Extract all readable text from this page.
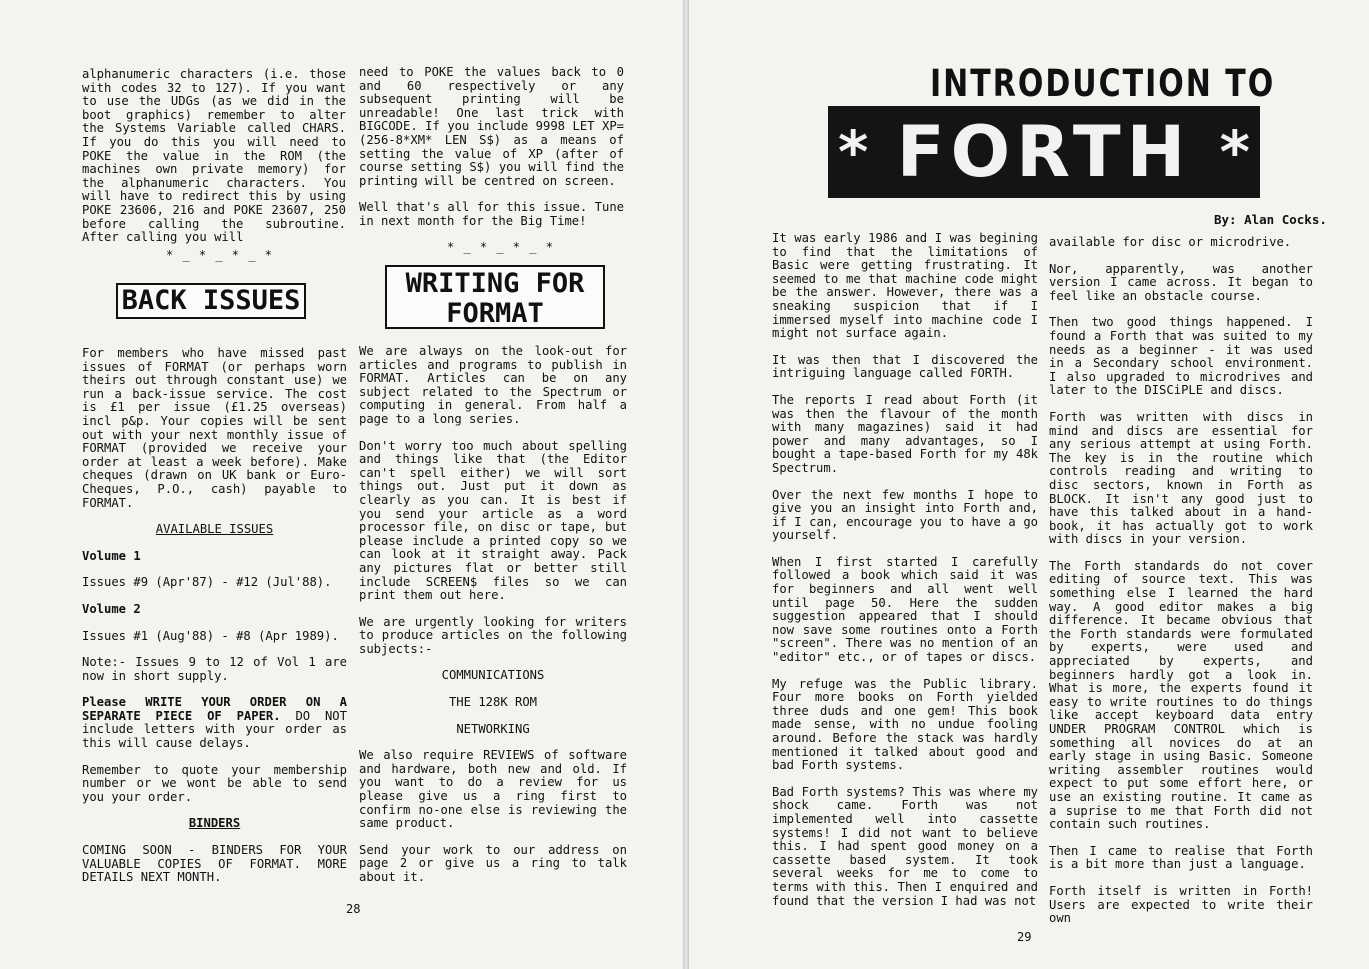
alphanumeric characters (i.e. those with codes 32 to 127). If you want to use the UDGs (as we did in the boot graphics) remember to alter the Systems Variable called CHARS. If you do this you will need to POKE the value in the ROM (the machines own private memory) for the alphanumeric characters. You will have to redirect this by using POKE 23606, 216 and POKE 23607, 250 before calling the subroutine. After calling you will

need to POKE the values back to 0 and 60 respectively or any subsequent printing will be unreadable! One last trick with BIGCODE. If you include 9998 LET XP=(256-8*XM* LEN S$) as a means of setting the value of XP (after of course setting S$) you will find the printing will be centred on screen.

Well that's all for this issue. Tune in next month for the Big Time!

* _ * _ * _ *
* _ * _ * _ *
BACK ISSUES
WRITING FOR
FORMAT

For members who have missed past issues of FORMAT (or perhaps worn theirs out through constant use) we run a back-issue service. The cost is £1 per issue (£1.25 overseas) incl p&p. Your copies will be sent out with your next monthly issue of FORMAT (provided we receive your order at least a week before). Make cheques (drawn on UK bank or Euro-Cheques, P.O., cash) payable to FORMAT.

AVAILABLE ISSUES

Volume 1

Issues #9 (Apr'87) - #12 (Jul'88).

Volume 2

Issues #1 (Aug'88) - #8 (Apr 1989).

Note:- Issues 9 to 12 of Vol 1 are now in short supply.

Please WRITE YOUR ORDER ON A SEPARATE PIECE OF PAPER. DO NOT include letters with your order as this will cause delays.

Remember to quote your membership number or we wont be able to send you your order.

BINDERS

COMING SOON - BINDERS FOR YOUR VALUABLE COPIES OF FORMAT. MORE DETAILS NEXT MONTH.

We are always on the look-out for articles and programs to publish in FORMAT. Articles can be on any subject related to the Spectrum or computing in general. From half a page to a long series.

Don't worry too much about spelling and things like that (the Editor can't spell either) we will sort things out. Just put it down as clearly as you can. It is best if you send your article as a word processor file, on disc or tape, but please include a printed copy so we can look at it straight away. Pack any pictures flat or better still include SCREEN$ files so we can print them out here.

We are urgently looking for writers to produce articles on the following subjects:-

COMMUNICATIONS

THE 128K ROM

NETWORKING

We also require REVIEWS of software and hardware, both new and old. If you want to do a review for us please give us a ring first to confirm no-one else is reviewing the same product.

Send your work to our address on page 2 or give us a ring to talk about it.

28
INTRODUCTION TO
* FORTH *
By: Alan Cocks.

It was early 1986 and I was begining to find that the limitations of Basic were getting frustrating. It seemed to me that machine code might be the answer. However, there was a sneaking suspicion that if I immersed myself into machine code I might not surface again.

It was then that I discovered the intriguing language called FORTH.

The reports I read about Forth (it was then the flavour of the month with many magazines) said it had power and many advantages, so I bought a tape-based Forth for my 48k Spectrum.

Over the next few months I hope to give you an insight into Forth and, if I can, encourage you to have a go yourself.

When I first started I carefully followed a book which said it was for beginners and all went well until page 50. Here the sudden suggestion appeared that I should now save some routines onto a Forth "screen". There was no mention of an "editor" etc., or of tapes or discs.

My refuge was the Public library. Four more books on Forth yielded three duds and one gem! This book made sense, with no undue fooling around. Before the stack was hardly mentioned it talked about good and bad Forth systems.

Bad Forth systems? This was where my shock came. Forth was not implemented well into cassette systems! I did not want to believe this. I had spent good money on a cassette based system. It took several weeks for me to come to terms with this. Then I enquired and found that the version I had was not

available for disc or microdrive.

Nor, apparently, was another version I came across. It began to feel like an obstacle course.

Then two good things happened. I found a Forth that was suited to my needs as a beginner - it was used in a Secondary school environment. I also upgraded to microdrives and later to the DISCiPLE and discs.

Forth was written with discs in mind and discs are essential for any serious attempt at using Forth. The key is in the routine which controls reading and writing to disc sectors, known in Forth as BLOCK. It isn't any good just to have this talked about in a hand-book, it has actually got to work with discs in your version.

The Forth standards do not cover editing of source text. This was something else I learned the hard way. A good editor makes a big difference. It became obvious that the Forth standards were formulated by experts, were used and appreciated by experts, and beginners hardly got a look in. What is more, the experts found it easy to write routines to do things like accept keyboard data entry UNDER PROGRAM CONTROL which is something all novices do at an early stage in using Basic. Someone writing assembler routines would expect to put some effort here, or use an existing routine. It came as a suprise to me that Forth did not contain such routines.

Then I came to realise that Forth is a bit more than just a language.

Forth itself is written in Forth! Users are expected to write their own

29
